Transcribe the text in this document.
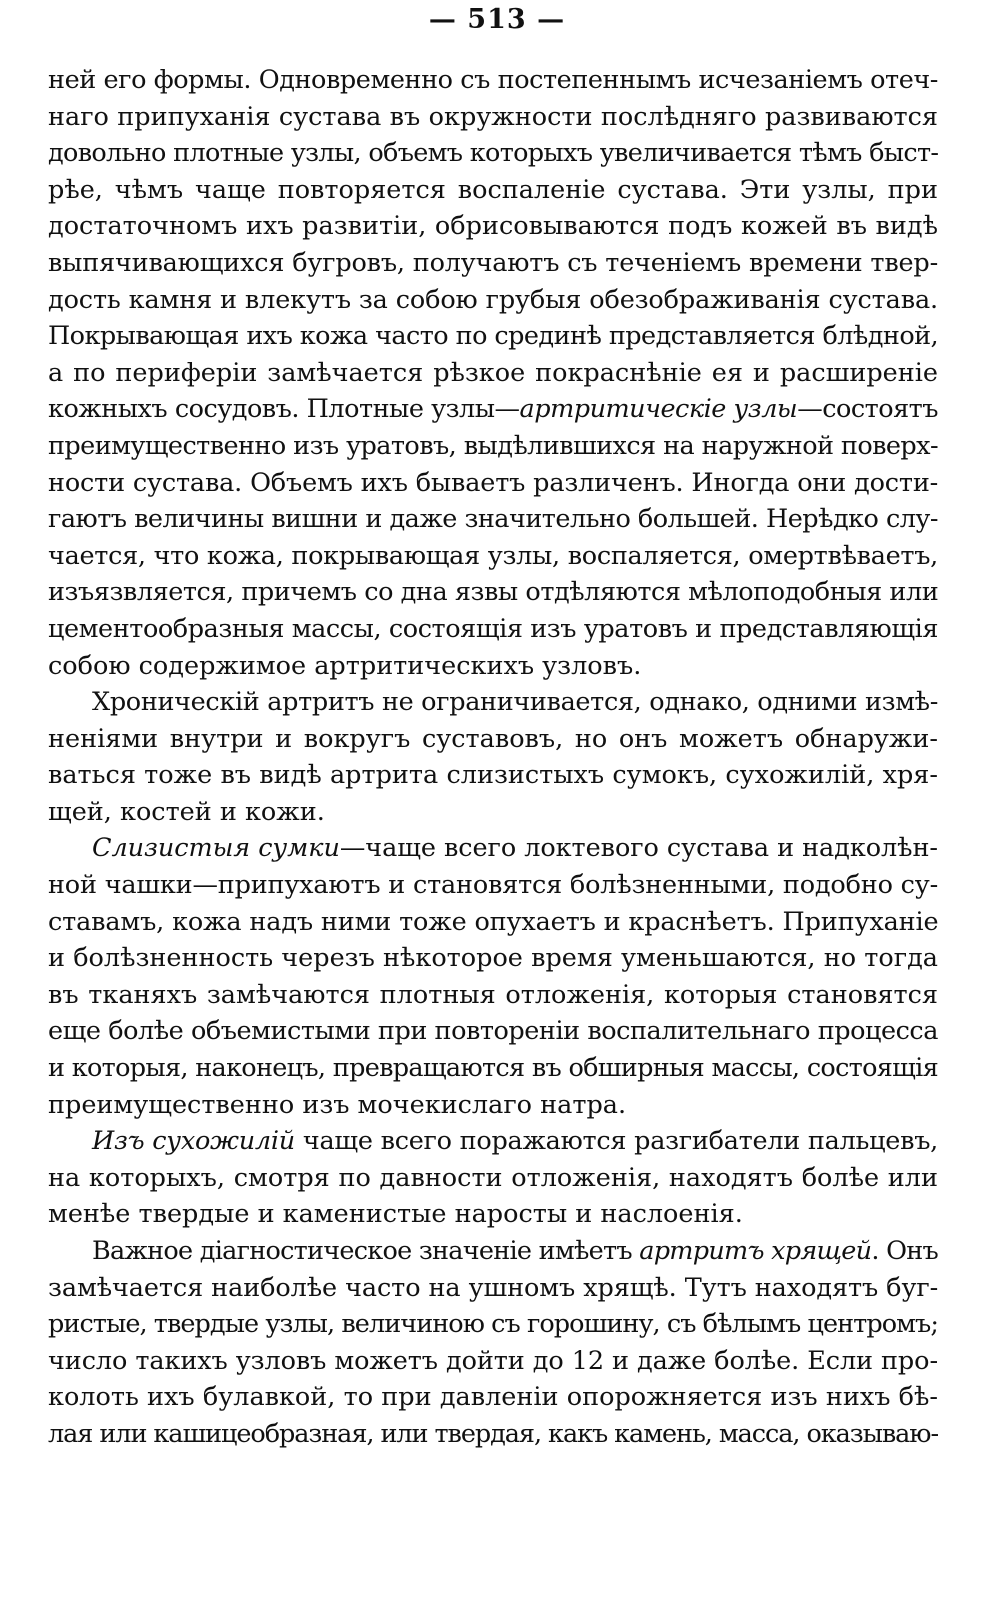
— 513 —
ней его формы. Одновременно съ постепеннымъ исчезаніемъ отеч-
наго припуханія сустава въ окружности послѣдняго развиваются
довольно плотные узлы, объемъ которыхъ увеличивается тѣмъ быст-
рѣе, чѣмъ чаще повторяется воспаленіе сустава. Эти узлы, при
достаточномъ ихъ развитіи, обрисовываются подъ кожей въ видѣ
выпячивающихся бугровъ, получаютъ съ теченіемъ времени твер-
дость камня и влекутъ за собою грубыя обезображиванія сустава.
Покрывающая ихъ кожа часто по срединѣ представляется блѣдной,
а по периферіи замѣчается рѣзкое покраснѣніе ея и расширеніе
кожныхъ сосудовъ. Плотные узлы—артритическіе узлы—состоятъ
преимущественно изъ уратовъ, выдѣлившихся на наружной поверх-
ности сустава. Объемъ ихъ бываетъ различенъ. Иногда они дости-
гаютъ величины вишни и даже значительно большей. Нерѣдко слу-
чается, что кожа, покрывающая узлы, воспаляется, омертвѣваетъ,
изъязвляется, причемъ со дна язвы отдѣляются мѣлоподобныя или
цементообразныя массы, состоящія изъ уратовъ и представляющія
собою содержимое артритическихъ узловъ.
Хроническій артритъ не ограничивается, однако, одними измѣ-
неніями внутри и вокругъ суставовъ, но онъ можетъ обнаружи-
ваться тоже въ видѣ артрита слизистыхъ сумокъ, сухожилій, хря-
щей, костей и кожи.
Слизистыя сумки—чаще всего локтевого сустава и надколѣн-
ной чашки—припухаютъ и становятся болѣзненными, подобно су-
ставамъ, кожа надъ ними тоже опухаетъ и краснѣетъ. Припуханіе
и болѣзненность черезъ нѣкоторое время уменьшаются, но тогда
въ тканяхъ замѣчаются плотныя отложенія, которыя становятся
еще болѣе объемистыми при повтореніи воспалительнаго процесса
и которыя, наконецъ, превращаются въ обширныя массы, состоящія
преимущественно изъ мочекислаго натра.
Изъ сухожилій чаще всего поражаются разгибатели пальцевъ,
на которыхъ, смотря по давности отложенія, находятъ болѣе или
менѣе твердые и каменистые наросты и наслоенія.
Важное діагностическое значеніе имѣетъ артритъ хрящей. Онъ
замѣчается наиболѣе часто на ушномъ хрящѣ. Тутъ находятъ буг-
ристые, твердые узлы, величиною съ горошину, съ бѣлымъ центромъ;
число такихъ узловъ можетъ дойти до 12 и даже болѣе. Если про-
колоть ихъ булавкой, то при давленіи опорожняется изъ нихъ бѣ-
лая или кашицеобразная, или твердая, какъ камень, масса, оказываю-
